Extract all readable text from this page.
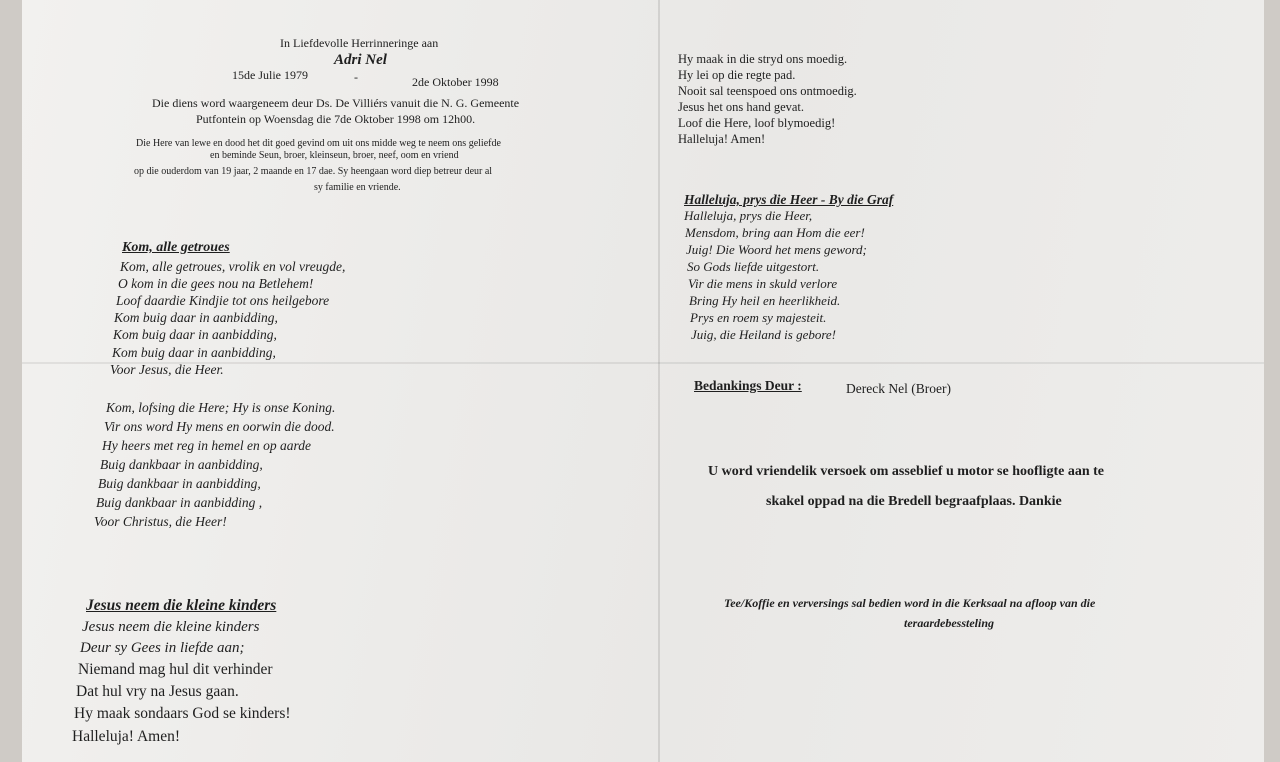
In Liefdevolle Herrinneringe aan
Adri Nel
15de Julie 1979	-	2de Oktober 1998
Die diens word waargeneem deur Ds. De Villiérs vanuit die N. G. Gemeente
Putfontein op Woensdag die 7de Oktober 1998 om 12h00.
Die Here van lewe en dood het dit goed gevind om uit ons midde weg te neem ons geliefde
en beminde Seun, broer, kleinseun, broer, neef, oom en vriend
op die ouderdom van 19 jaar, 2 maande en 17 dae. Sy heengaan word diep betreur deur al
sy familie en vriende.
Kom, alle getroues
Kom, alle getroues, vrolik en vol vreugde,
O kom in die gees nou na Betlehem!
Loof daardie Kindjie tot ons heilgebore
Kom buig daar in aanbidding,
Kom buig daar in aanbidding,
Kom buig daar in aanbidding,
Voor Jesus, die Heer.
Kom, lofsing die Here; Hy is onse Koning.
Vir ons word Hy mens en oorwin die dood.
Hy heers met reg in hemel en op aarde
Buig dankbaar in aanbidding,
Buig dankbaar in aanbidding,
Buig dankbaar in aanbidding ,
Voor Christus, die Heer!
Jesus neem die kleine kinders
Jesus neem die kleine kinders
Deur sy Gees in liefde aan;
Niemand mag hul dit verhinder
Dat hul vry na Jesus gaan.
Hy maak sondaars God se kinders!
Halleluja! Amen!
Hy maak in die stryd ons moedig.
Hy lei op die regte pad.
Nooit sal teenspoed ons ontmoedig.
Jesus het ons hand gevat.
Loof die Here, loof blymoedig!
Halleluja! Amen!
Halleluja, prys die Heer - By die Graf
Halleluja, prys die Heer,
Mensdom, bring aan Hom die eer!
Juig! Die Woord het mens geword;
So Gods liefde uitgestort.
Vir die mens in skuld verlore
Bring Hy heil en heerlikheid.
Prys en roem sy majesteit.
Juig, die Heiland is gebore!
Bedankings Deur :	Dereck Nel (Broer)
U word vriendelik versoek om asseblief u motor se hoofligte aan te
skakel oppad na die Bredell begraafplaas. Dankie
Tee/Koffie en verversings sal bedien word in die Kerksaal na afloop van die
teraardebessteling
